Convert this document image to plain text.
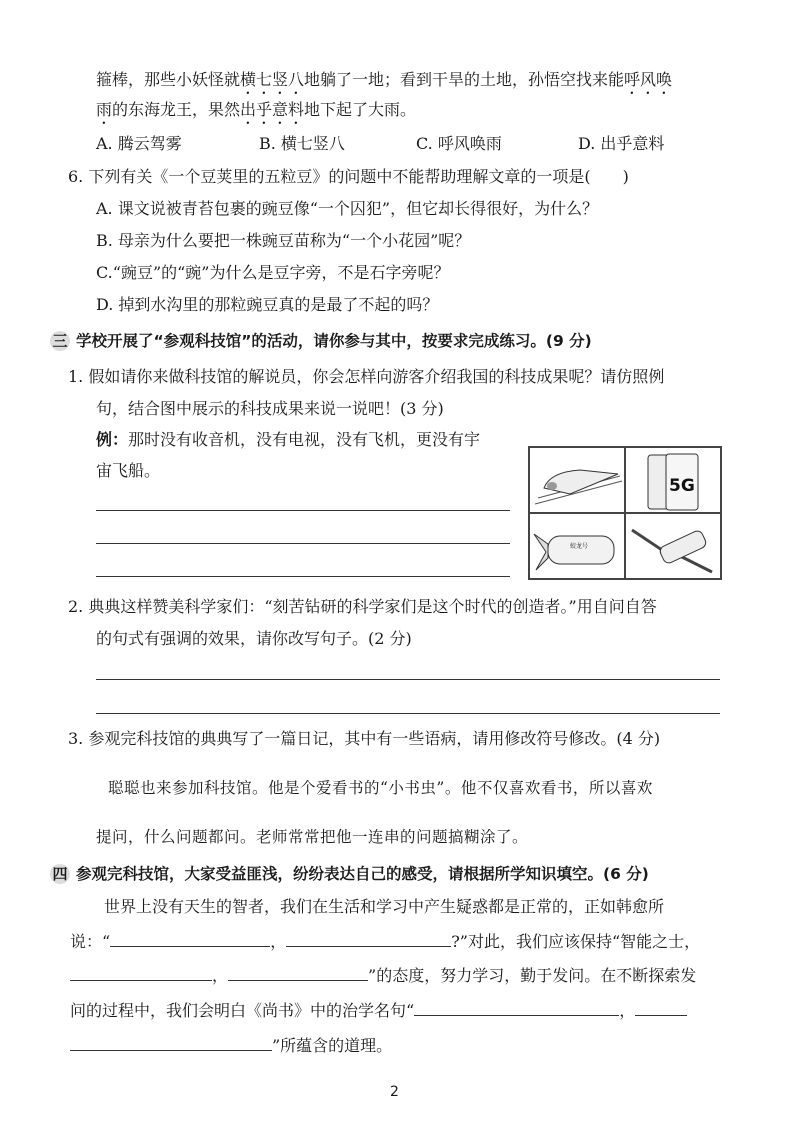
箍棒，那些小妖怪就横七竖八地躺了一地；看到干旱的土地，孙悟空找来能呼风唤
雨的东海龙王，果然出乎意料地下起了大雨。
A. 腾云驾雾	B. 横七竖八	C. 呼风唤雨	D. 出乎意料
6. 下列有关《一个豆荚里的五粒豆》的问题中不能帮助理解文章的一项是(　　)
A. 课文说被青苔包裹的豌豆像“一个囚犯”，但它却长得很好，为什么？
B. 母亲为什么要把一株豌豆苗称为“一个小花园”呢？
C.“豌豆”的“豌”为什么是豆字旁，不是石字旁呢？
D. 掉到水沟里的那粒豌豆真的是最了不起的吗？
三 学校开展了“参观科技馆”的活动，请你参与其中，按要求完成练习。(9 分)
1. 假如请你来做科技馆的解说员，你会怎样向游客介绍我国的科技成果呢？请仿照例
句，结合图中展示的科技成果来说一说吧！(3 分)
例：那时没有收音机，没有电视，没有飞机，更没有宇
宙飞船。
5G
蛟龙号
2. 典典这样赞美科学家们：“刻苦钻研的科学家们是这个时代的创造者。”用自问自答
的句式有强调的效果，请你改写句子。(2 分)
3. 参观完科技馆的典典写了一篇日记，其中有一些语病，请用修改符号修改。(4 分)
聪聪也来参加科技馆。他是个爱看书的“小书虫”。他不仅喜欢看书，所以喜欢
提问，什么问题都问。老师常常把他一连串的问题搞糊涂了。
四 参观完科技馆，大家受益匪浅，纷纷表达自己的感受，请根据所学知识填空。(6 分)
世界上没有天生的智者，我们在生活和学习中产生疑惑都是正常的，正如韩愈所
说：“	，	?”对此，我们应该保持“智能之士，
，	”的态度，努力学习，勤于发问。在不断探索发
问的过程中，我们会明白《尚书》中的治学名句“	，
”所蕴含的道理。
2
